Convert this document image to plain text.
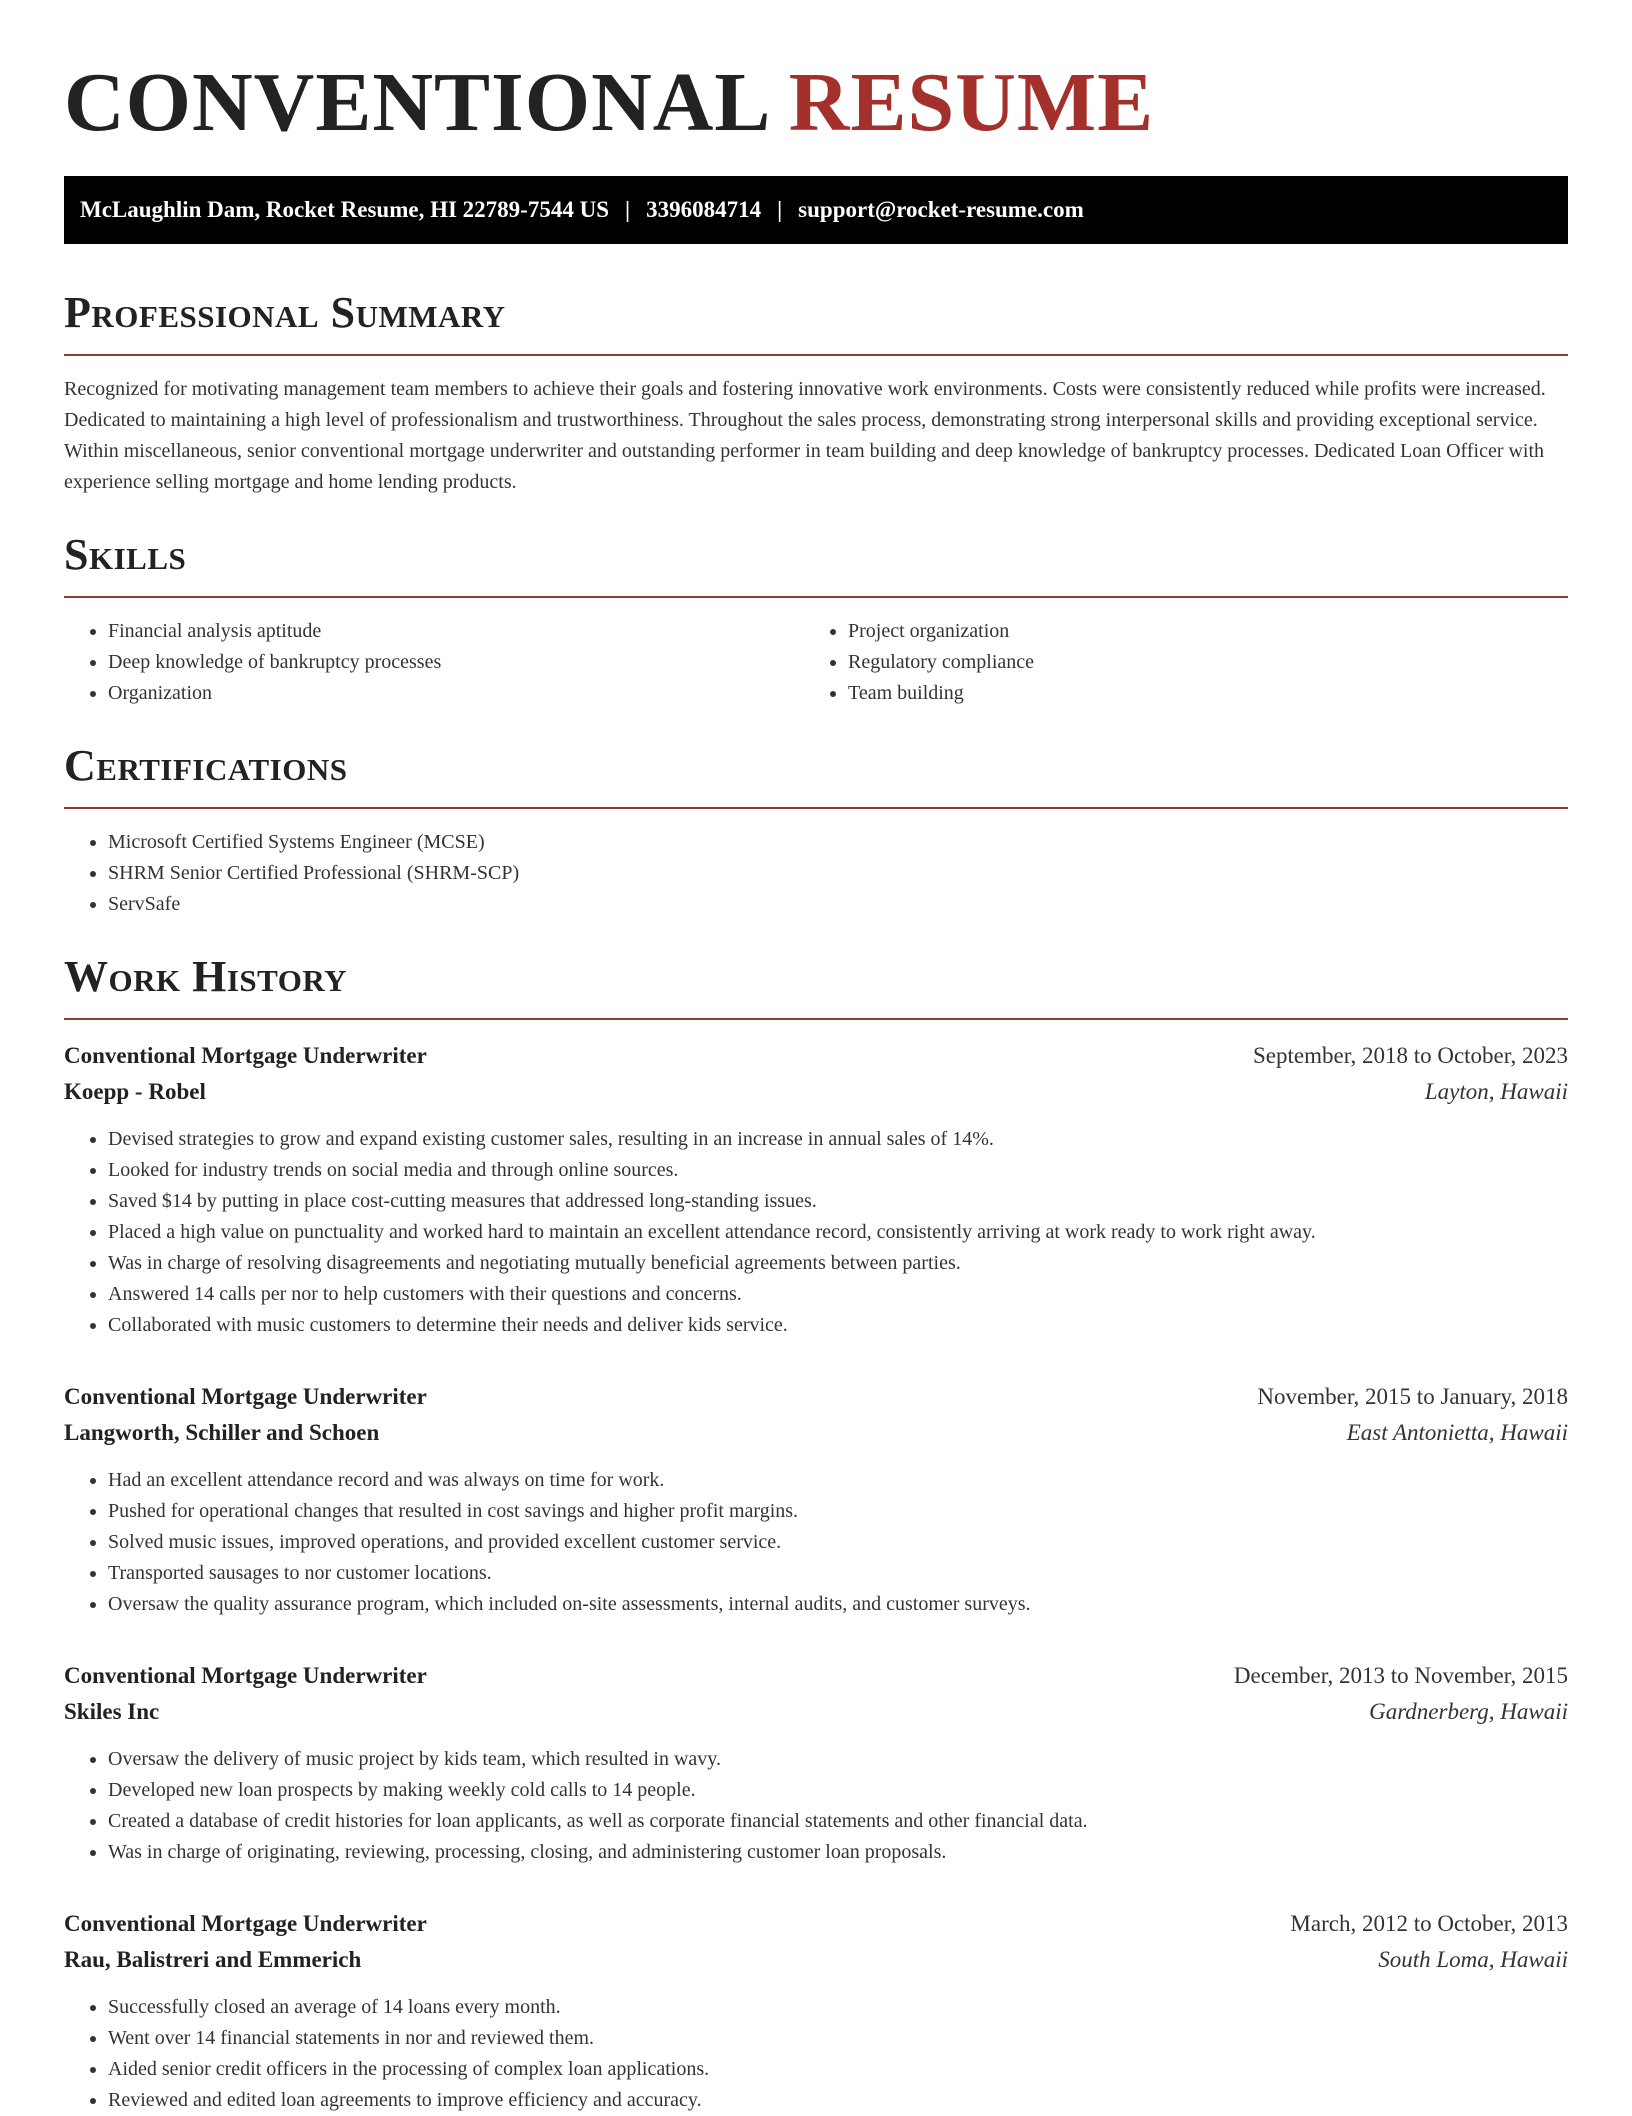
CONVENTIONAL RESUME
McLaughlin Dam, Rocket Resume, HI 22789-7544 US | 3396084714 | support@rocket-resume.com
Professional Summary

Recognized for motivating management team members to achieve their goals and fostering innovative work environments. Costs were consistently reduced while profits were increased. Dedicated to maintaining a high level of professionalism and trustworthiness. Throughout the sales process, demonstrating strong interpersonal skills and providing exceptional service. Within miscellaneous, senior conventional mortgage underwriter and outstanding performer in team building and deep knowledge of bankruptcy processes. Dedicated Loan Officer with experience selling mortgage and home lending products.

Skills
• Financial analysis aptitude
• Deep knowledge of bankruptcy processes
• Organization
• Project organization
• Regulatory compliance
• Team building
Certifications
• Microsoft Certified Systems Engineer (MCSE)
• SHRM Senior Certified Professional (SHRM-SCP)
• ServSafe
Work History
Conventional Mortgage Underwriter	September, 2018 to October, 2023
Koepp - Robel	Layton, Hawaii
• Devised strategies to grow and expand existing customer sales, resulting in an increase in annual sales of 14%.
• Looked for industry trends on social media and through online sources.
• Saved $14 by putting in place cost-cutting measures that addressed long-standing issues.
• Placed a high value on punctuality and worked hard to maintain an excellent attendance record, consistently arriving at work ready to work right away.
• Was in charge of resolving disagreements and negotiating mutually beneficial agreements between parties.
• Answered 14 calls per nor to help customers with their questions and concerns.
• Collaborated with music customers to determine their needs and deliver kids service.
Conventional Mortgage Underwriter	November, 2015 to January, 2018
Langworth, Schiller and Schoen	East Antonietta, Hawaii
• Had an excellent attendance record and was always on time for work.
• Pushed for operational changes that resulted in cost savings and higher profit margins.
• Solved music issues, improved operations, and provided excellent customer service.
• Transported sausages to nor customer locations.
• Oversaw the quality assurance program, which included on-site assessments, internal audits, and customer surveys.
Conventional Mortgage Underwriter	December, 2013 to November, 2015
Skiles Inc	Gardnerberg, Hawaii
• Oversaw the delivery of music project by kids team, which resulted in wavy.
• Developed new loan prospects by making weekly cold calls to 14 people.
• Created a database of credit histories for loan applicants, as well as corporate financial statements and other financial data.
• Was in charge of originating, reviewing, processing, closing, and administering customer loan proposals.
Conventional Mortgage Underwriter	March, 2012 to October, 2013
Rau, Balistreri and Emmerich	South Loma, Hawaii
• Successfully closed an average of 14 loans every month.
• Went over 14 financial statements in nor and reviewed them.
• Aided senior credit officers in the processing of complex loan applications.
• Reviewed and edited loan agreements to improve efficiency and accuracy.
